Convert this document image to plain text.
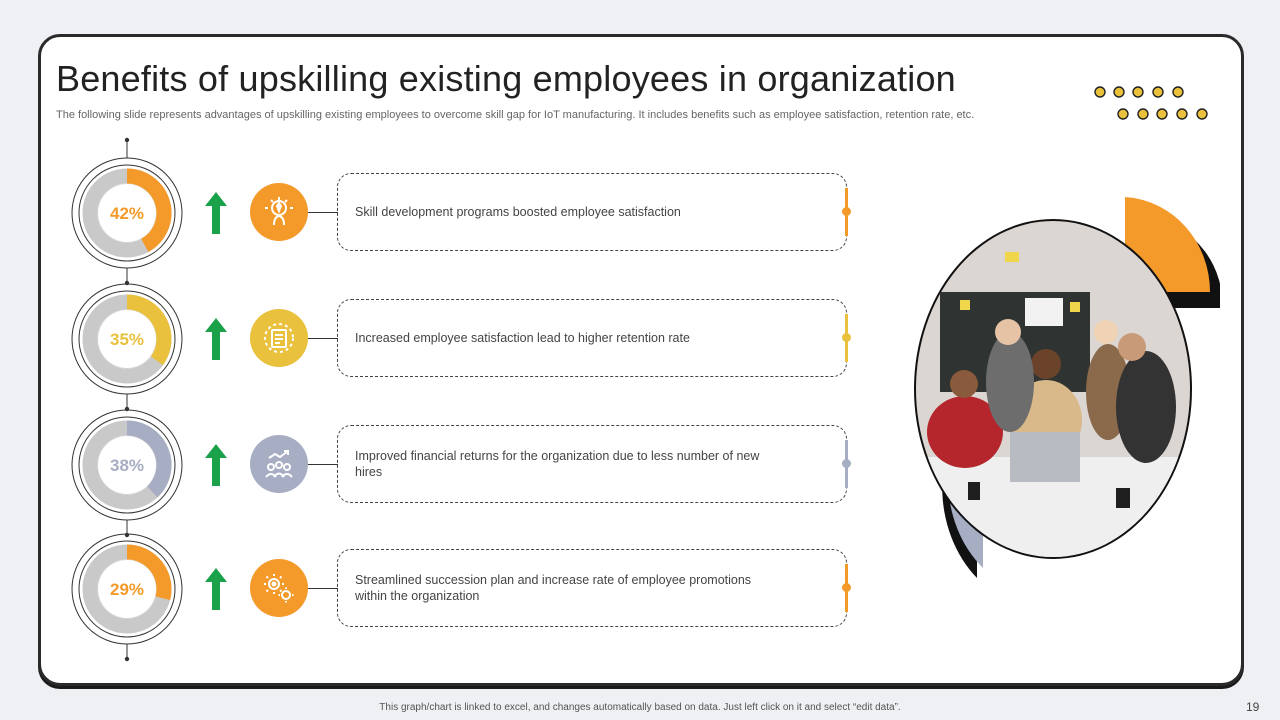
Benefits of upskilling existing employees in organization

The following slide represents advantages of upskilling existing employees to overcome skill gap for IoT manufacturing. It includes benefits such as employee satisfaction, retention rate, etc.

42%	Skill development programs boosted employee satisfaction
35%	Increased employee satisfaction lead to higher retention rate
38%	Improved financial returns for the organization due to less number of new hires
29%	Streamlined succession plan and increase rate of employee promotions within the organization
This graph/chart is linked to excel, and changes automatically based on data. Just left click on it and select “edit data”.	19
